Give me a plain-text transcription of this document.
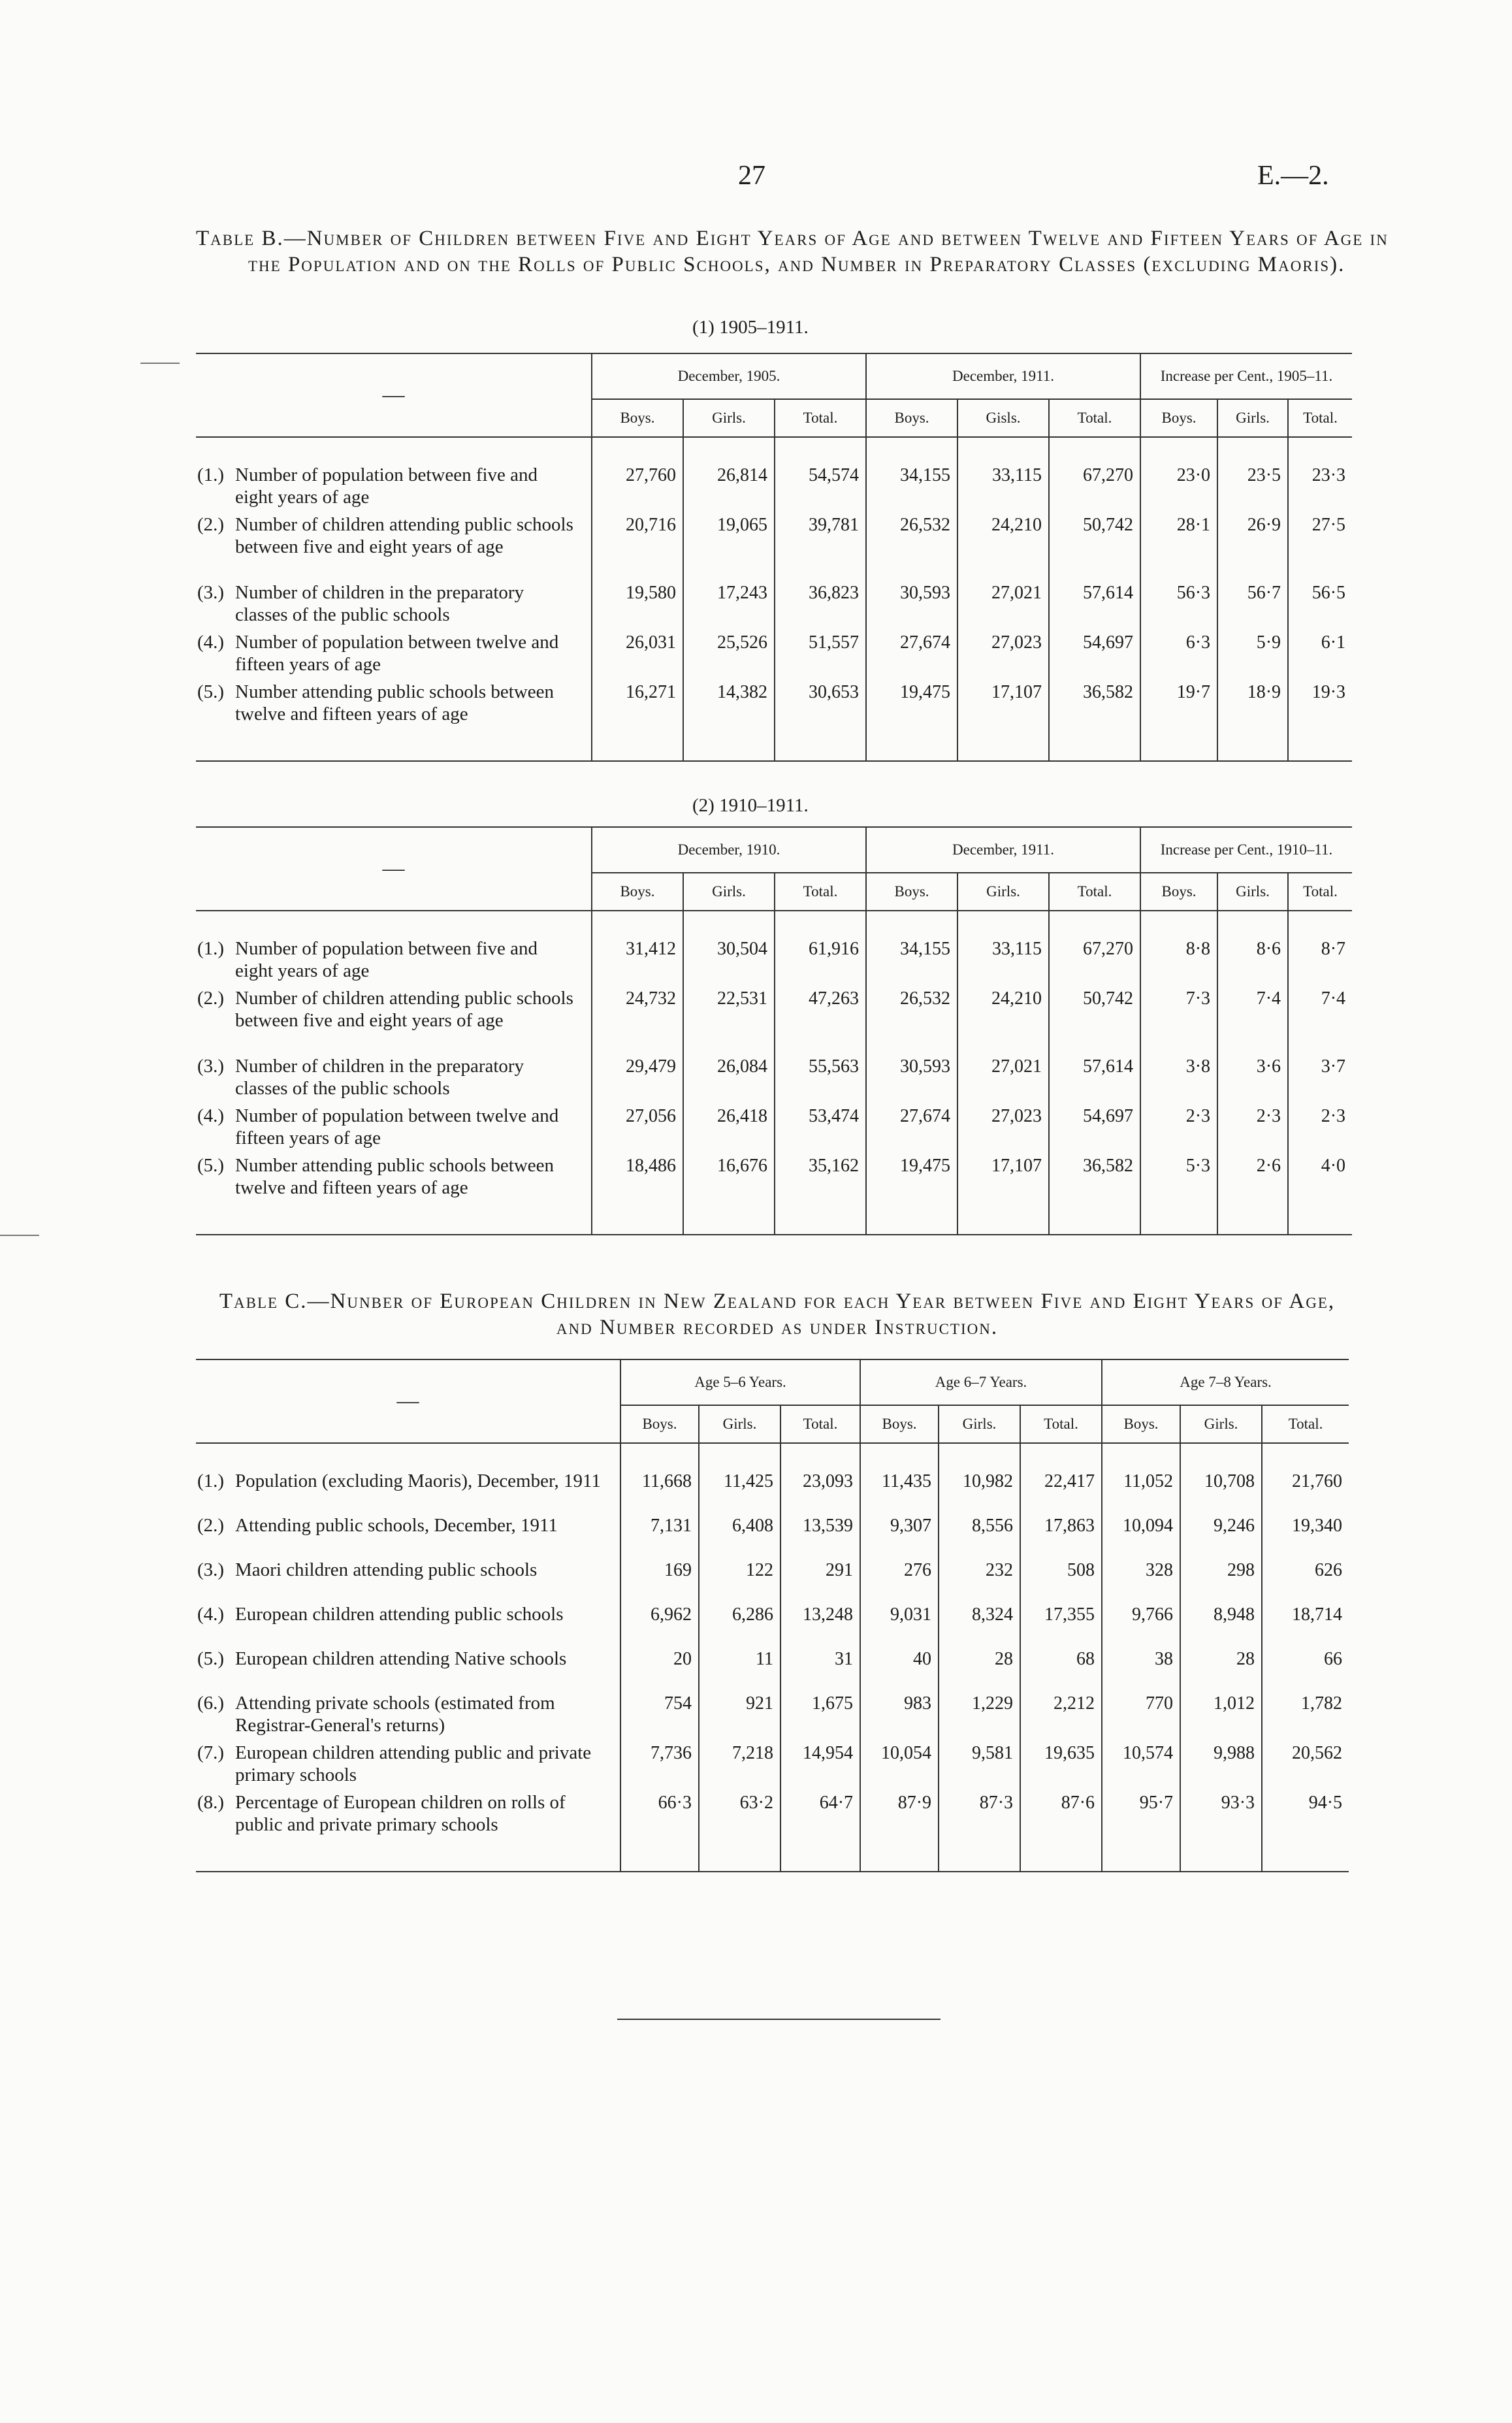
27	E.—2.
Table B.—Number of Children between Five and Eight Years of Age and between Twelve and Fifteen Years of Age in the Population and on the Rolls of Public Schools, and Number in Preparatory Classes (excluding Maoris).
(1) 1905–1911.
—	December, 1905.			December, 1911.			Increase per Cent., 1905–11.		
	Boys.	Girls.	Total.	Boys.	Gisls.	Total.	Boys.	Girls.	Total.

(1.) Number of population between five and eight years of age	27,760	26,814	54,574	34,155	33,115	67,270	23·0	23·5	23·3
(2.) Number of children attending public schools between five and eight years of age	20,716	19,065	39,781	26,532	24,210	50,742	28·1	26·9	27·5
(3.) Number of children in the preparatory classes of the public schools	19,580	17,243	36,823	30,593	27,021	57,614	56·3	56·7	56·5
(4.) Number of population between twelve and fifteen years of age	26,031	25,526	51,557	27,674	27,023	54,697	6·3	5·9	6·1
(5.) Number attending public schools between twelve and fifteen years of age	16,271	14,382	30,653	19,475	17,107	36,582	19·7	18·9	19·3

(2) 1910–1911.
—	December, 1910.			December, 1911.			Increase per Cent., 1910–11.		
	Boys.	Girls.	Total.	Boys.	Girls.	Total.	Boys.	Girls.	Total.

(1.) Number of population between five and eight years of age	31,412	30,504	61,916	34,155	33,115	67,270	8·8	8·6	8·7
(2.) Number of children attending public schools between five and eight years of age	24,732	22,531	47,263	26,532	24,210	50,742	7·3	7·4	7·4
(3.) Number of children in the preparatory classes of the public schools	29,479	26,084	55,563	30,593	27,021	57,614	3·8	3·6	3·7
(4.) Number of population between twelve and fifteen years of age	27,056	26,418	53,474	27,674	27,023	54,697	2·3	2·3	2·3
(5.) Number attending public schools between twelve and fifteen years of age	18,486	16,676	35,162	19,475	17,107	36,582	5·3	2·6	4·0

Table C.—Nunber of European Children in New Zealand for each Year between Five and Eight Years of Age, and Number recorded as under Instruction.
—	Age 5–6 Years.			Age 6–7 Years.			Age 7–8 Years.		
	Boys.	Girls.	Total.	Boys.	Girls.	Total.	Boys.	Girls.	Total.

(1.) Population (excluding Maoris), December, 1911	11,668	11,425	23,093	11,435	10,982	22,417	11,052	10,708	21,760
(2.) Attending public schools, December, 1911	7,131	6,408	13,539	9,307	8,556	17,863	10,094	9,246	19,340
(3.) Maori children attending public schools	169	122	291	276	232	508	328	298	626
(4.) European children attending public schools	6,962	6,286	13,248	9,031	8,324	17,355	9,766	8,948	18,714
(5.) European children attending Native schools	20	11	31	40	28	68	38	28	66
(6.) Attending private schools (estimated from Registrar-General's returns)	754	921	1,675	983	1,229	2,212	770	1,012	1,782
(7.) European children attending public and private primary schools	7,736	7,218	14,954	10,054	9,581	19,635	10,574	9,988	20,562
(8.) Percentage of European children on rolls of public and private primary schools	66·3	63·2	64·7	87·9	87·3	87·6	95·7	93·3	94·5
